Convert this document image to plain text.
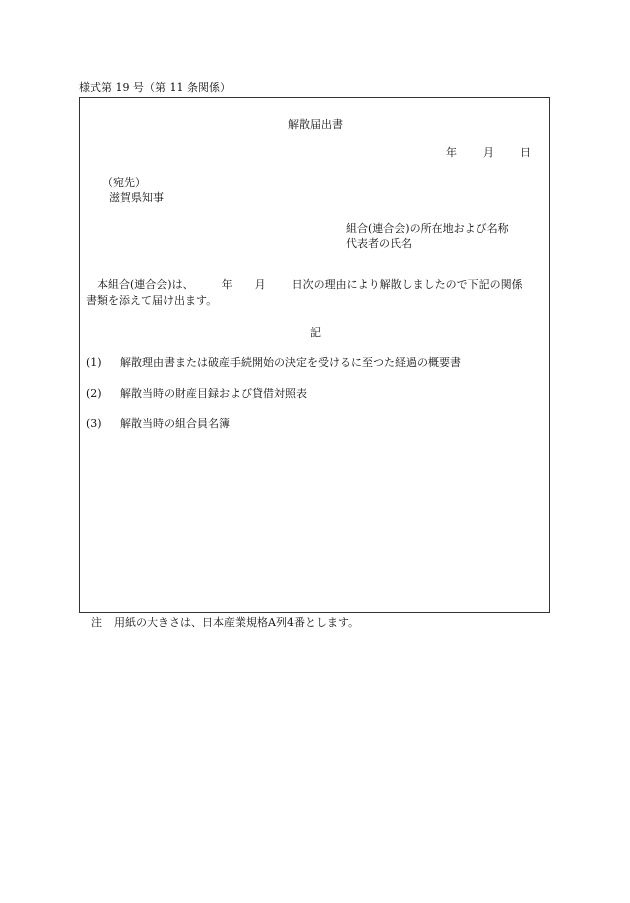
様式第 19 号（第 11 条関係）
解散届出書
年 月 日
（宛先）
滋賀県知事
組合(連合会)の所在地および名称
代表者の氏名
本組合(連合会)は、	年 月 日次の理由により解散しましたので下記の関係
書類を添えて届け出ます。
記
(1) 解散理由書または破産手続開始の決定を受けるに至つた経過の概要書
(2) 解散当時の財産目録および貸借対照表
(3) 解散当時の組合員名簿
注 用紙の大きさは、日本産業規格A列4番とします。
